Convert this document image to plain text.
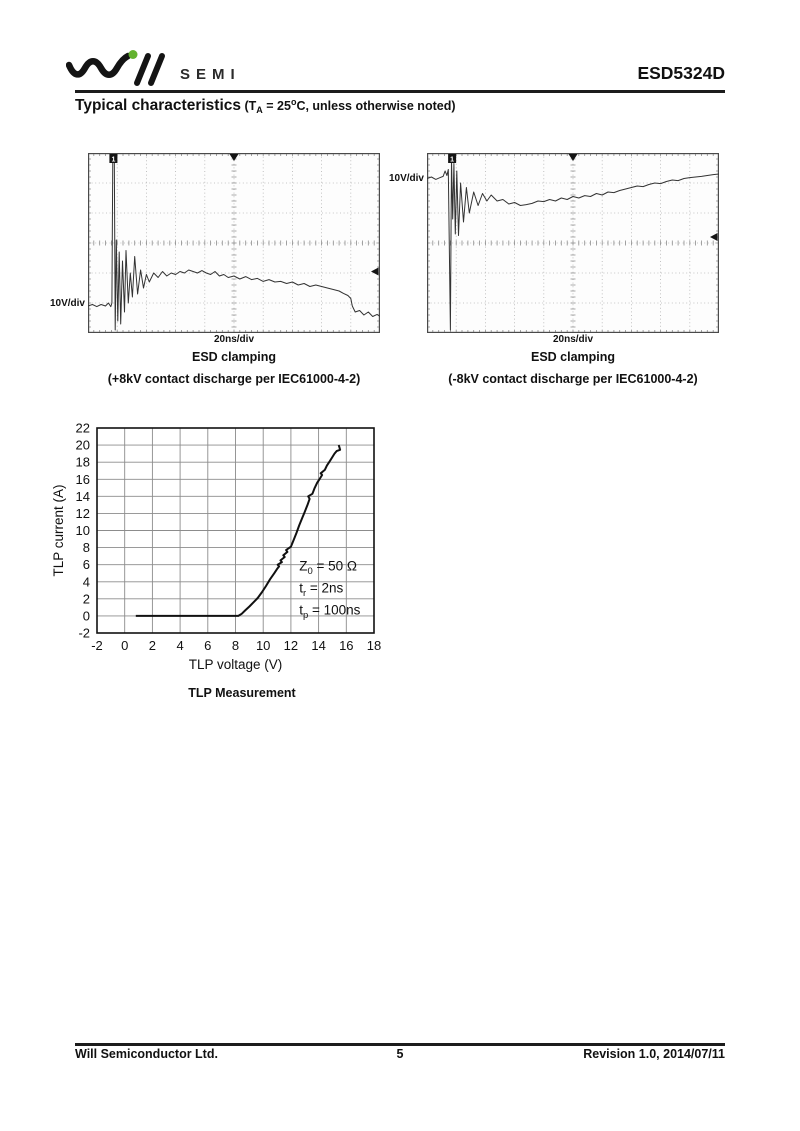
SEMI	ESD5324D
Typical characteristics ($T_A = 25^oC$, unless otherwise noted)
10V/div
1
20ns/div
ESD clamping
(+8kV contact discharge per IEC61000-4-2)
10V/div
1
20ns/div
ESD clamping
(-8kV contact discharge per IEC61000-4-2)
-2 0 2 4 6 8 10 12 14 16 18
-2
0
2
4
6
8
10
12
14
16
18
20
22
TLP voltage (V)
TLP current (A)	$Z_0 = 50$ Ω
$t_r = 2ns$
$t_p = 100ns$
TLP Measurement
Will Semiconductor Ltd.	5	Revision 1.0, 2014/07/11
